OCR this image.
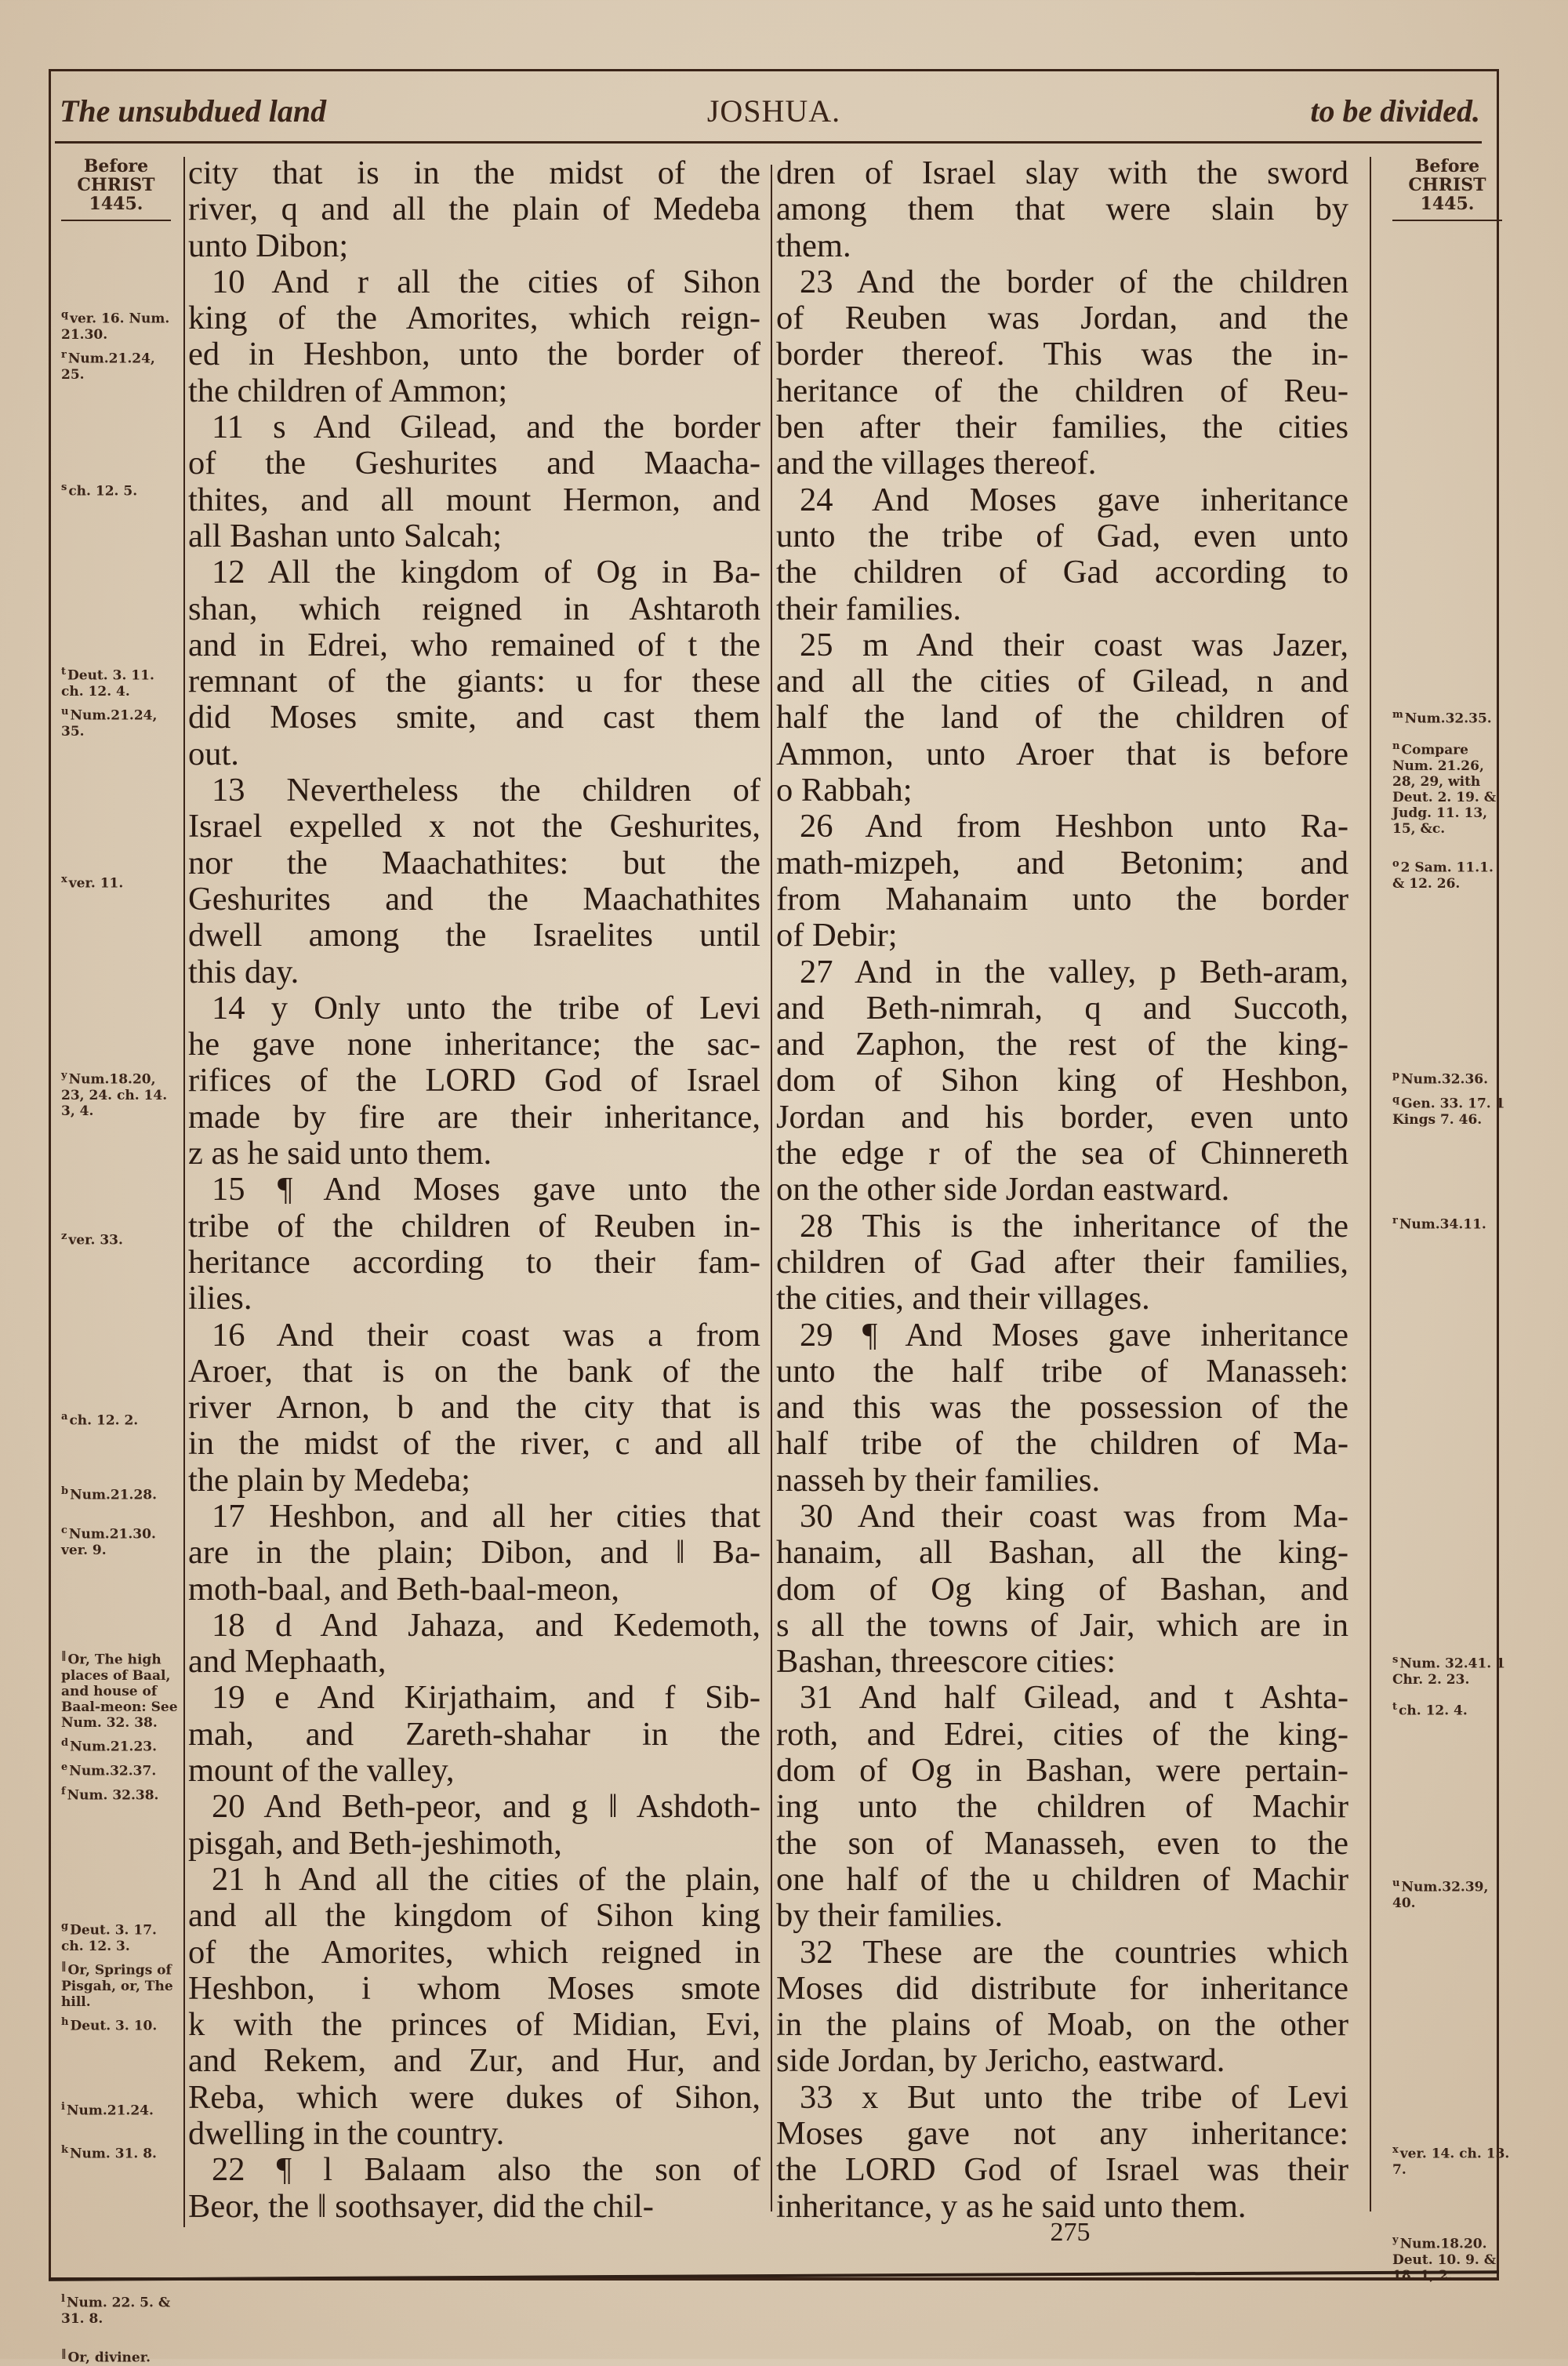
The unsubdued land	JOSHUA.	to be divided.
Before
CHRIST
1445.
$^q$ ver. 16. Num. 21.30.
$^r$ Num.21.24, 25.
$^s$ ch. 12. 5.
$^t$ Deut. 3. 11. ch. 12. 4.
$^u$ Num.21.24, 35.
$^x$ ver. 11.
$^y$ Num.18.20, 23, 24. ch. 14. 3, 4.
$^z$ ver. 33.
$^a$ ch. 12. 2.
$^b$ Num.21.28.
$^c$ Num.21.30. ver. 9.
‖ Or, The high places of Baal, and house of Baal-meon: See Num. 32. 38.
$^d$ Num.21.23.
$^e$ Num.32.37.
$^f$ Num. 32.38.
$^g$ Deut. 3. 17. ch. 12. 3.
‖ Or, Springs of Pisgah, or, The hill.
$^h$ Deut. 3. 10.
$^i$ Num.21.24.
$^k$ Num. 31. 8.
$^l$ Num. 22. 5. & 31. 8.
‖ Or, diviner.
city that is in the midst of the
river, q and all the plain of Medeba
unto Dibon;
10 And r all the cities of Sihon
king of the Amorites, which reign-
ed in Heshbon, unto the border of
the children of Ammon;
11 s And Gilead, and the border
of the Geshurites and Maacha-
thites, and all mount Hermon, and
all Bashan unto Salcah;
12 All the kingdom of Og in Ba-
shan, which reigned in Ashtaroth
and in Edrei, who remained of t the
remnant of the giants: u for these
did Moses smite, and cast them
out.
13 Nevertheless the children of
Israel expelled x not the Geshurites,
nor the Maachathites: but the
Geshurites and the Maachathites
dwell among the Israelites until
this day.
14 y Only unto the tribe of Levi
he gave none inheritance; the sac-
rifices of the LORD God of Israel
made by fire are their inheritance,
z as he said unto them.
15 ¶ And Moses gave unto the
tribe of the children of Reuben in-
heritance according to their fam-
ilies.
16 And their coast was a from
Aroer, that is on the bank of the
river Arnon, b and the city that is
in the midst of the river, c and all
the plain by Medeba;
17 Heshbon, and all her cities that
are in the plain; Dibon, and ‖ Ba-
moth-baal, and Beth-baal-meon,
18 d And Jahaza, and Kedemoth,
and Mephaath,
19 e And Kirjathaim, and f Sib-
mah, and Zareth-shahar in the
mount of the valley,
20 And Beth-peor, and g ‖ Ashdoth-
pisgah, and Beth-jeshimoth,
21 h And all the cities of the plain,
and all the kingdom of Sihon king
of the Amorites, which reigned in
Heshbon, i whom Moses smote
k with the princes of Midian, Evi,
and Rekem, and Zur, and Hur, and
Reba, which were dukes of Sihon,
dwelling in the country.
22 ¶ l Balaam also the son of
Beor, the ‖ soothsayer, did the chil-
dren of Israel slay with the sword
among them that were slain by
them.
23 And the border of the children
of Reuben was Jordan, and the
border thereof. This was the in-
heritance of the children of Reu-
ben after their families, the cities
and the villages thereof.
24 And Moses gave inheritance
unto the tribe of Gad, even unto
the children of Gad according to
their families.
25 m And their coast was Jazer,
and all the cities of Gilead, n and
half the land of the children of
Ammon, unto Aroer that is before
o Rabbah;
26 And from Heshbon unto Ra-
math-mizpeh, and Betonim; and
from Mahanaim unto the border
of Debir;
27 And in the valley, p Beth-aram,
and Beth-nimrah, q and Succoth,
and Zaphon, the rest of the king-
dom of Sihon king of Heshbon,
Jordan and his border, even unto
the edge r of the sea of Chinnereth
on the other side Jordan eastward.
28 This is the inheritance of the
children of Gad after their families,
the cities, and their villages.
29 ¶ And Moses gave inheritance
unto the half tribe of Manasseh:
and this was the possession of the
half tribe of the children of Ma-
nasseh by their families.
30 And their coast was from Ma-
hanaim, all Bashan, all the king-
dom of Og king of Bashan, and
s all the towns of Jair, which are in
Bashan, threescore cities:
31 And half Gilead, and t Ashta-
roth, and Edrei, cities of the king-
dom of Og in Bashan, were pertain-
ing unto the children of Machir
the son of Manasseh, even to the
one half of the u children of Machir
by their families.
32 These are the countries which
Moses did distribute for inheritance
in the plains of Moab, on the other
side Jordan, by Jericho, eastward.
33 x But unto the tribe of Levi
Moses gave not any inheritance:
the LORD God of Israel was their
inheritance, y as he said unto them.
Before
CHRIST
1445.
$^m$ Num.32.35.
$^n$ Compare Num. 21.26, 28, 29, with Deut. 2. 19. & Judg. 11. 13, 15, &c.
$^o$ 2 Sam. 11.1. & 12. 26.
$^p$ Num.32.36.
$^q$ Gen. 33. 17. 1 Kings 7. 46.
$^r$ Num.34.11.
$^s$ Num. 32.41. 1 Chr. 2. 23.
$^t$ ch. 12. 4.
$^u$ Num.32.39, 40.
$^x$ ver. 14. ch. 13. 7.
$^y$ Num.18.20. Deut. 10. 9. & 18. 1, 2.
275
